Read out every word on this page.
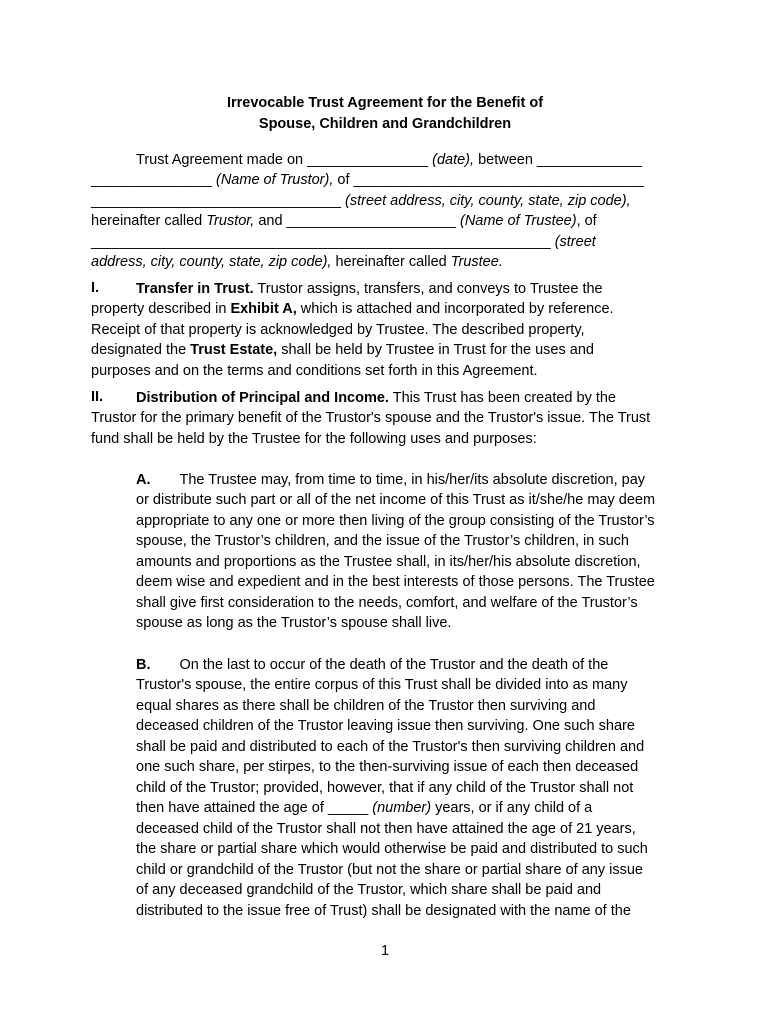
Irrevocable Trust Agreement for the Benefit of
Spouse, Children and Grandchildren
Trust Agreement made on _______________ (date), between _____________
_______________ (Name of Trustor), of ____________________________________
_______________________________ (street address, city, county, state, zip code),
hereinafter called Trustor, and _____________________ (Name of Trustee), of
_________________________________________________________ (street
address, city, county, state, zip code), hereinafter called Trustee.
I.	Transfer in Trust. Trustor assigns, transfers, and conveys to Trustee the
property described in Exhibit A, which is attached and incorporated by reference.
Receipt of that property is acknowledged by Trustee. The described property,
designated the Trust Estate, shall be held by Trustee in Trust for the uses and
purposes and on the terms and conditions set forth in this Agreement.
II. Distribution of Principal and Income. This Trust has been created by the
Trustor for the primary benefit of the Trustor's spouse and the Trustor's issue. The Trust
fund shall be held by the Trustee for the following uses and purposes:
A. The Trustee may, from time to time, in his/her/its absolute discretion, pay
or distribute such part or all of the net income of this Trust as it/she/he may deem
appropriate to any one or more then living of the group consisting of the Trustor’s
spouse, the Trustor’s children, and the issue of the Trustor’s children, in such
amounts and proportions as the Trustee shall, in its/her/his absolute discretion,
deem wise and expedient and in the best interests of those persons. The Trustee
shall give first consideration to the needs, comfort, and welfare of the Trustor’s
spouse as long as the Trustor’s spouse shall live.
B. On the last to occur of the death of the Trustor and the death of the
Trustor's spouse, the entire corpus of this Trust shall be divided into as many
equal shares as there shall be children of the Trustor then surviving and
deceased children of the Trustor leaving issue then surviving. One such share
shall be paid and distributed to each of the Trustor's then surviving children and
one such share, per stirpes, to the then-surviving issue of each then deceased
child of the Trustor; provided, however, that if any child of the Trustor shall not
then have attained the age of _____ (number) years, or if any child of a
deceased child of the Trustor shall not then have attained the age of 21 years,
the share or partial share which would otherwise be paid and distributed to such
child or grandchild of the Trustor (but not the share or partial share of any issue
of any deceased grandchild of the Trustor, which share shall be paid and
distributed to the issue free of Trust) shall be designated with the name of the
1
